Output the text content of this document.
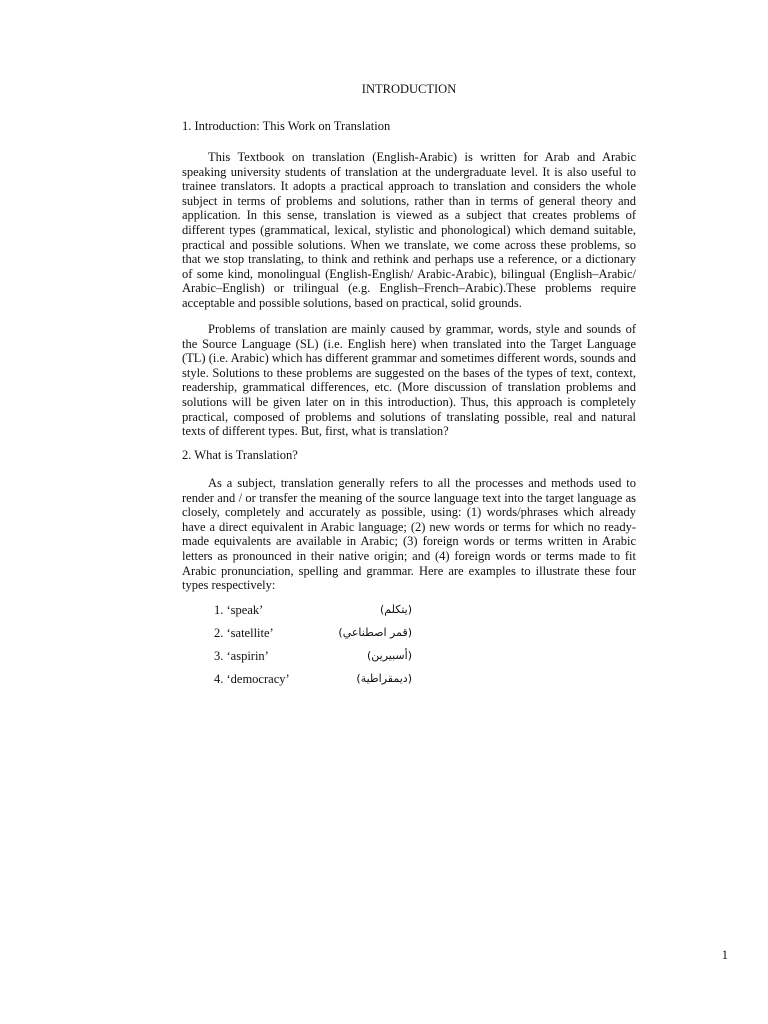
INTRODUCTION
1. Introduction: This Work on Translation

This Textbook on translation (English-Arabic) is written for Arab and Arabic speaking university students of translation at the undergraduate level. It is also useful to trainee translators. It adopts a practical approach to translation and considers the whole subject in terms of problems and solutions, rather than in terms of general theory and application. In this sense, translation is viewed as a subject that creates problems of different types (grammatical, lexical, stylistic and phonological) which demand suitable, practical and possible solutions. When we translate, we come across these problems, so that we stop translating, to think and rethink and perhaps use a reference, or a dictionary of some kind, monolingual (English-English/ Arabic-Arabic), bilingual (English–Arabic/ Arabic–English) or trilingual (e.g. English–French–Arabic).These problems require acceptable and possible solutions, based on practical, solid grounds.

Problems of translation are mainly caused by grammar, words, style and sounds of the Source Language (SL) (i.e. English here) when translated into the Target Language (TL) (i.e. Arabic) which has different grammar and sometimes different words, sounds and style. Solutions to these problems are suggested on the bases of the types of text, context, readership, grammatical differences, etc. (More discussion of translation problems and solutions will be given later on in this introduction). Thus, this approach is completely practical, composed of problems and solutions of translating possible, real and natural texts of different types. But, first, what is translation?

2. What is Translation?

As a subject, translation generally refers to all the processes and methods used to render and / or transfer the meaning of the source language text into the target language as closely, completely and accurately as possible, using: (1) words/phrases which already have a direct equivalent in Arabic language; (2) new words or terms for which no ready-made equivalents are available in Arabic; (3) foreign words or terms written in Arabic letters as pronounced in their native origin; and (4) foreign words or terms made to fit Arabic pronunciation, spelling and grammar. Here are examples to illustrate these four types respectively:

1. ‘speak’	(يتكلم)
2. ‘satellite’	(قمر اصطناعي)
3. ‘aspirin’	(أسبيرين)
4. ‘democracy’	(ديمقراطية)
1
